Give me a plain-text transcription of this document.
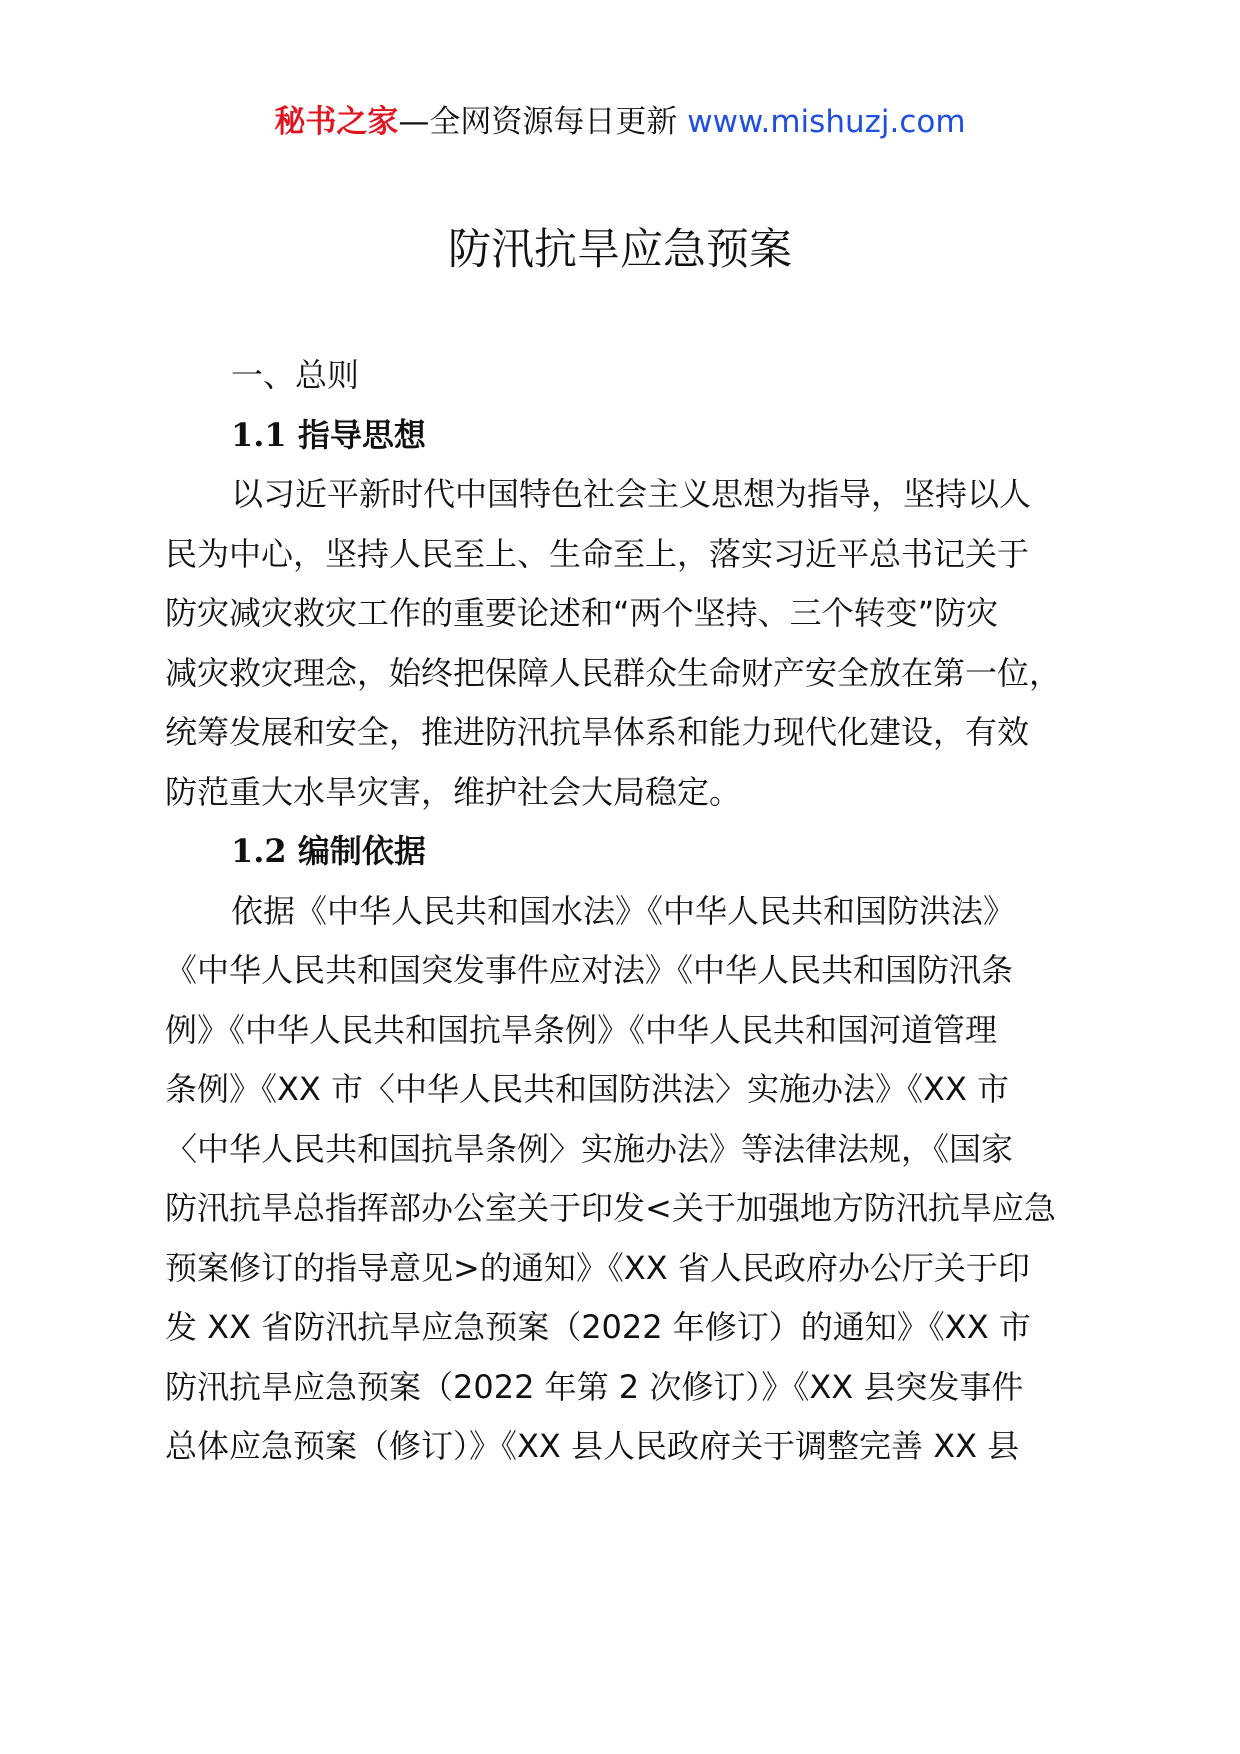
秘书之家—全网资源每日更新 www.mishuzj.com
防汛抗旱应急预案

一、总则

1.1 指导思想

以习近平新时代中国特色社会主义思想为指导，坚持以人
民为中心，坚持人民至上、生命至上，落实习近平总书记关于
防灾减灾救灾工作的重要论述和“两个坚持、三个转变”防灾
减灾救灾理念，始终把保障人民群众生命财产安全放在第一位，
统筹发展和安全，推进防汛抗旱体系和能力现代化建设，有效
防范重大水旱灾害，维护社会大局稳定。

1.2 编制依据

依据《中华人民共和国水法》《中华人民共和国防洪法》
《中华人民共和国突发事件应对法》《中华人民共和国防汛条
例》《中华人民共和国抗旱条例》《中华人民共和国河道管理
条例》《XX 市〈中华人民共和国防洪法〉实施办法》《XX 市
〈中华人民共和国抗旱条例〉实施办法》等法律法规，《国家
防汛抗旱总指挥部办公室关于印发<关于加强地方防汛抗旱应急
预案修订的指导意见>的通知》《XX 省人民政府办公厅关于印
发 XX 省防汛抗旱应急预案（2022 年修订）的通知》《XX 市
防汛抗旱应急预案（2022 年第 2 次修订）》《XX 县突发事件
总体应急预案（修订）》《XX 县人民政府关于调整完善 XX 县
